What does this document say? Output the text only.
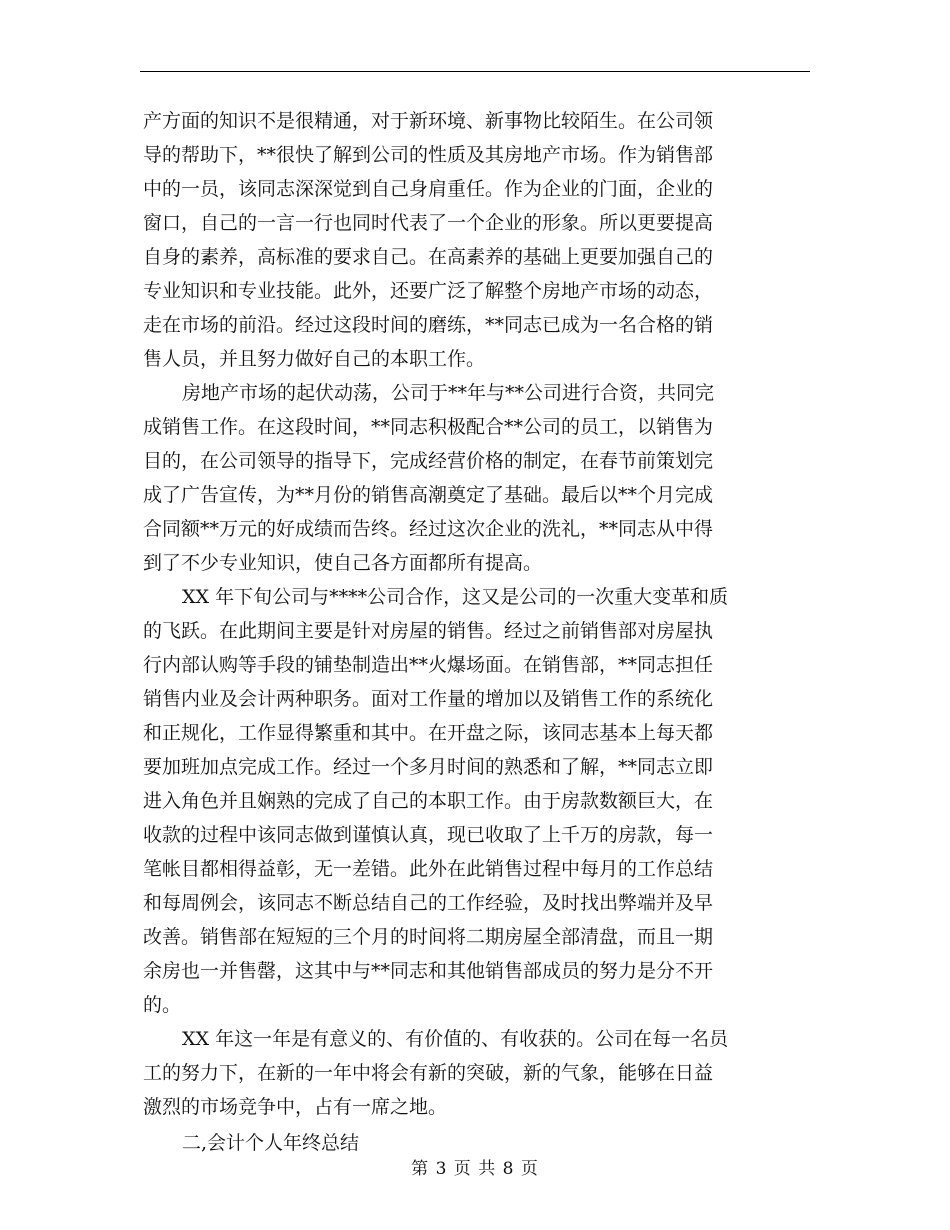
产方面的知识不是很精通，对于新环境、新事物比较陌生。在公司领
导的帮助下，**很快了解到公司的性质及其房地产市场。作为销售部
中的一员，该同志深深觉到自己身肩重任。作为企业的门面，企业的
窗口，自己的一言一行也同时代表了一个企业的形象。所以更要提高
自身的素养，高标准的要求自己。在高素养的基础上更要加强自己的
专业知识和专业技能。此外，还要广泛了解整个房地产市场的动态，
走在市场的前沿。经过这段时间的磨练，**同志已成为一名合格的销
售人员，并且努力做好自己的本职工作。
房地产市场的起伏动荡，公司于**年与**公司进行合资，共同完
成销售工作。在这段时间，**同志积极配合**公司的员工，以销售为
目的，在公司领导的指导下，完成经营价格的制定，在春节前策划完
成了广告宣传，为**月份的销售高潮奠定了基础。最后以**个月完成
合同额**万元的好成绩而告终。经过这次企业的洗礼，**同志从中得
到了不少专业知识，使自己各方面都所有提高。
XX 年下旬公司与****公司合作，这又是公司的一次重大变革和质
的飞跃。在此期间主要是针对房屋的销售。经过之前销售部对房屋执
行内部认购等手段的铺垫制造出**火爆场面。在销售部，**同志担任
销售内业及会计两种职务。面对工作量的增加以及销售工作的系统化
和正规化，工作显得繁重和其中。在开盘之际，该同志基本上每天都
要加班加点完成工作。经过一个多月时间的熟悉和了解，**同志立即
进入角色并且娴熟的完成了自己的本职工作。由于房款数额巨大，在
收款的过程中该同志做到谨慎认真，现已收取了上千万的房款，每一
笔帐目都相得益彰，无一差错。此外在此销售过程中每月的工作总结
和每周例会，该同志不断总结自己的工作经验，及时找出弊端并及早
改善。销售部在短短的三个月的时间将二期房屋全部清盘，而且一期
余房也一并售罄，这其中与**同志和其他销售部成员的努力是分不开
的。
XX 年这一年是有意义的、有价值的、有收获的。公司在每一名员
工的努力下，在新的一年中将会有新的突破，新的气象，能够在日益
激烈的市场竞争中，占有一席之地。
二,会计个人年终总结
第 3 页 共 8 页
